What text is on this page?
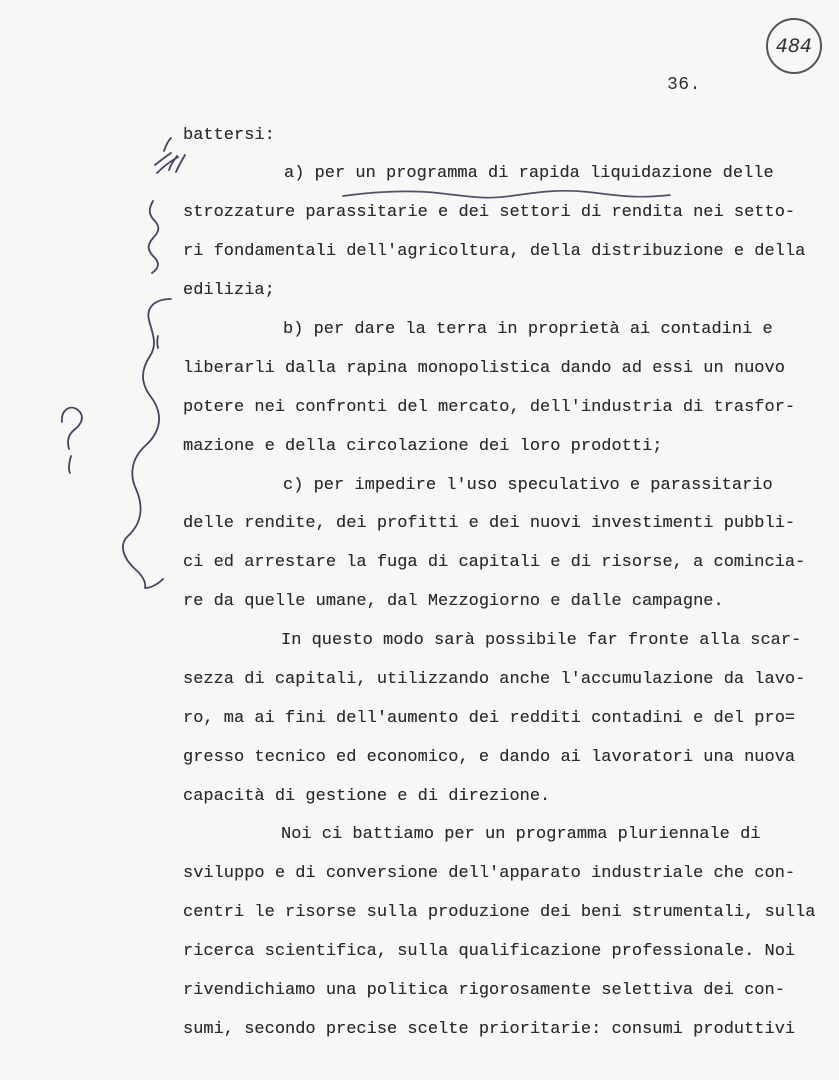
484
36.
battersi:
a) per un programma di rapida liquidazione delle
strozzature parassitarie e dei settori di rendita nei setto-
ri fondamentali dell'agricoltura, della distribuzione e della
edilizia;
b) per dare la terra in proprietà ai contadini e
liberarli dalla rapina monopolistica dando ad essi un nuovo
potere nei confronti del mercato, dell'industria di trasfor-
mazione e della circolazione dei loro prodotti;
c) per impedire l'uso speculativo e parassitario
delle rendite, dei profitti e dei nuovi investimenti pubbli-
ci ed arrestare la fuga di capitali e di risorse, a comincia-
re da quelle umane, dal Mezzogiorno e dalle campagne.
In questo modo sarà possibile far fronte alla scar-
sezza di capitali, utilizzando anche l'accumulazione da lavo-
ro, ma ai fini dell'aumento dei redditi contadini e del pro=
gresso tecnico ed economico, e dando ai lavoratori una nuova
capacità di gestione e di direzione.
Noi ci battiamo per un programma pluriennale di
sviluppo e di conversione dell'apparato industriale che con-
centri le risorse sulla produzione dei beni strumentali, sulla
ricerca scientifica, sulla qualificazione professionale. Noi
rivendichiamo una politica rigorosamente selettiva dei con-
sumi, secondo precise scelte prioritarie: consumi produttivi
